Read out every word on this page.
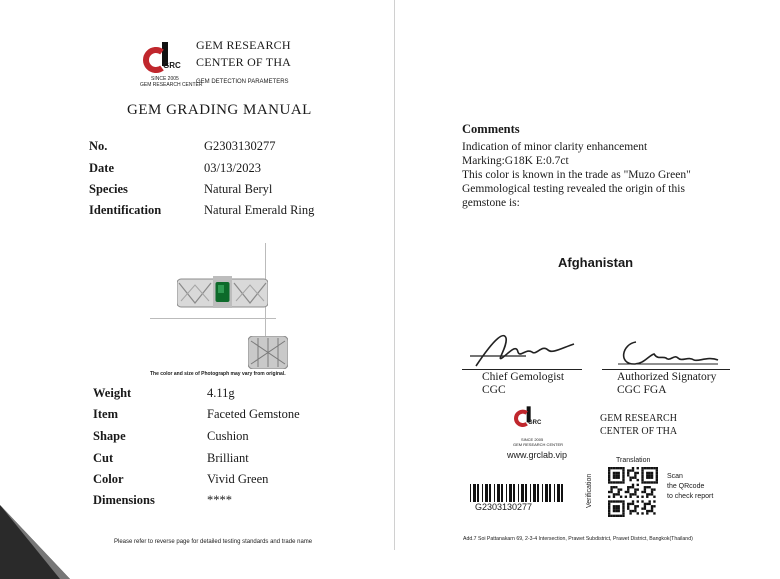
GRC
SINCE 2005
GEM RESEARCH CENTER
GEM RESEARCH
CENTER OF THA
GEM DETECTION PARAMETERS
GEM GRADING MANUAL
No.	G2303130277
Date	03/13/2023
Species	Natural Beryl
Identification	Natural Emerald Ring
The color and size of Photograph may vary from original.
Weight	4.11g
Item	Faceted Gemstone
Shape	Cushion
Cut	Brilliant
Color	Vivid Green
Dimensions	****
Please refer to reverse page for detailed testing standards and trade name
Comments
Indication of minor clarity enhancement
Marking:G18K E:0.7ct
This color is known in the trade as "Muzo Green"
Gemmological testing revealed the origin of this
gemstone is:
Afghanistan
Chief Gemologist
CGC
Authorized Signatory
CGC FGA
GRC
SINCE 2005
GEM RESEARCH CENTER
www.grclab.vip
GEM RESEARCH
CENTER OF THA
G2303130277
Translation
Verification	Scan
the QRcode
to check report
Add.7 Soi Pattanakarn 69, 2-3-4 Intersection, Prawet Subdistrict, Prawet District, Bangkok(Thailand)
